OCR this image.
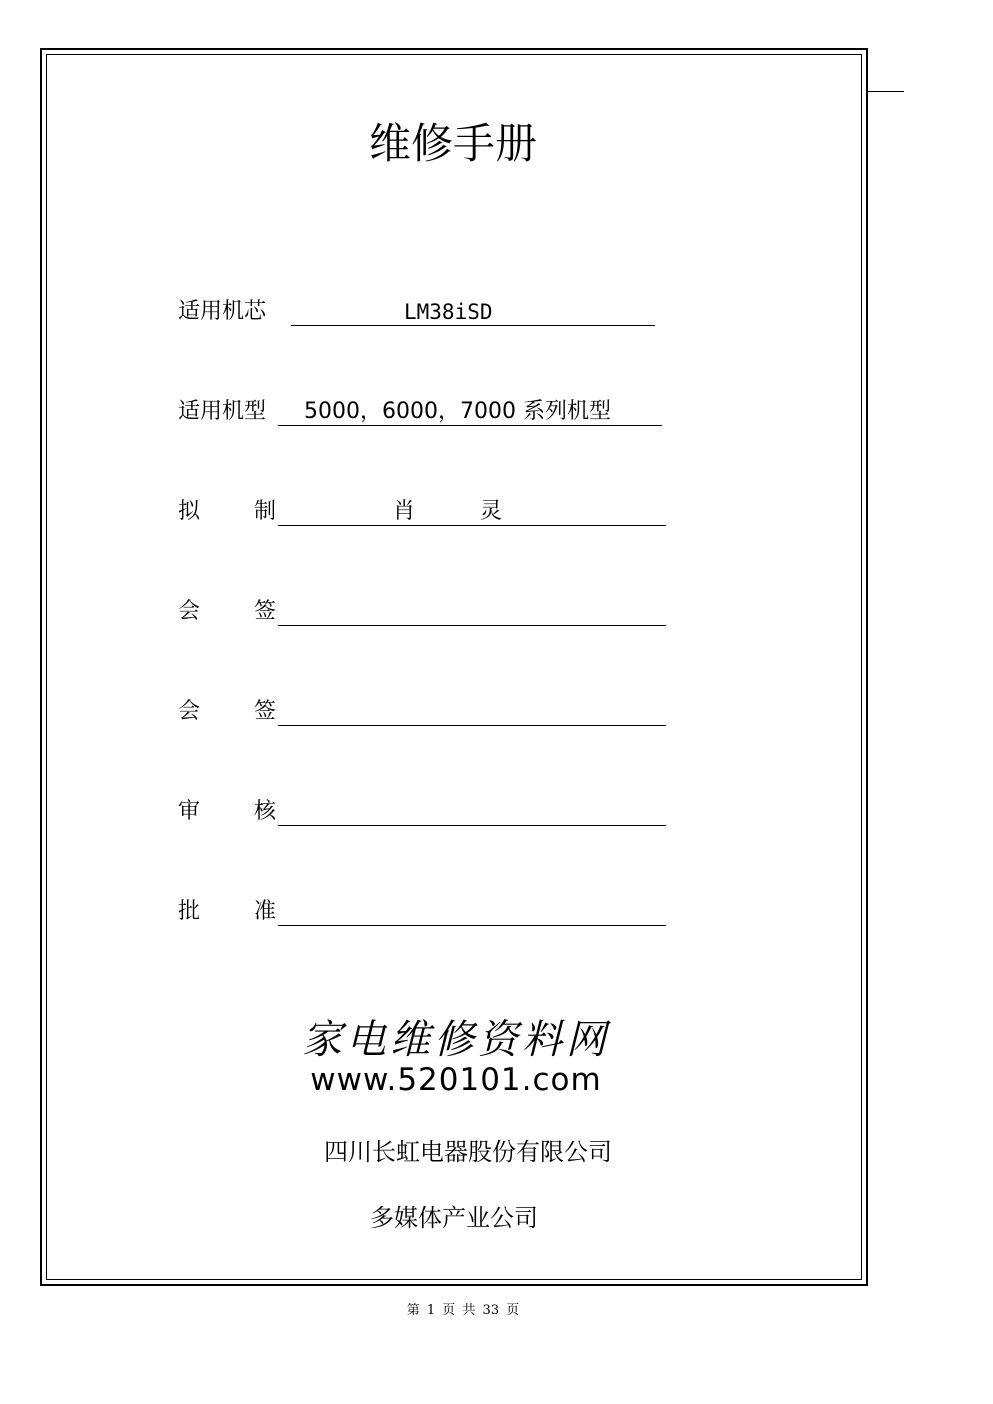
维修手册
适用机芯	LM38iSD
适用机型 5000，6000，7000 系列机型
拟 制	肖	灵
会 签
会 签
审 核
批 准
家电维修资料网
www.520101.com
四川长虹电器股份有限公司
多媒体产业公司
第 1 页 共 33 页
